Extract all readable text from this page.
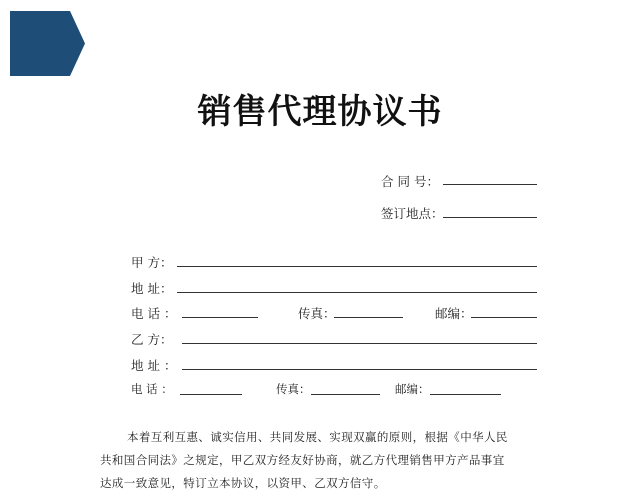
销售代理协议书
合 同 号：
签订地点：
甲 方：
地 址：
电 话 ：	传真：	邮编：
乙 方：
地 址 ：
电 话 ：	传真：	邮编：
本着互利互惠、诚实信用、共同发展、实现双赢的原则，根据《中华人民
共和国合同法》之规定，甲乙双方经友好协商，就乙方代理销售甲方产品事宜
达成一致意见，特订立本协议，以资甲、乙双方信守。
